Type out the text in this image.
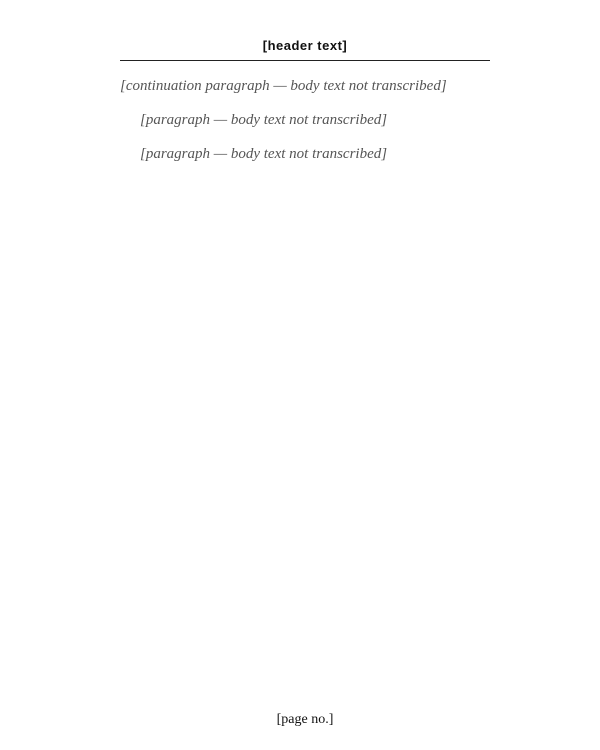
[header text]

[continuation paragraph — body text not transcribed]

[paragraph — body text not transcribed]

[paragraph — body text not transcribed]

[page no.]
